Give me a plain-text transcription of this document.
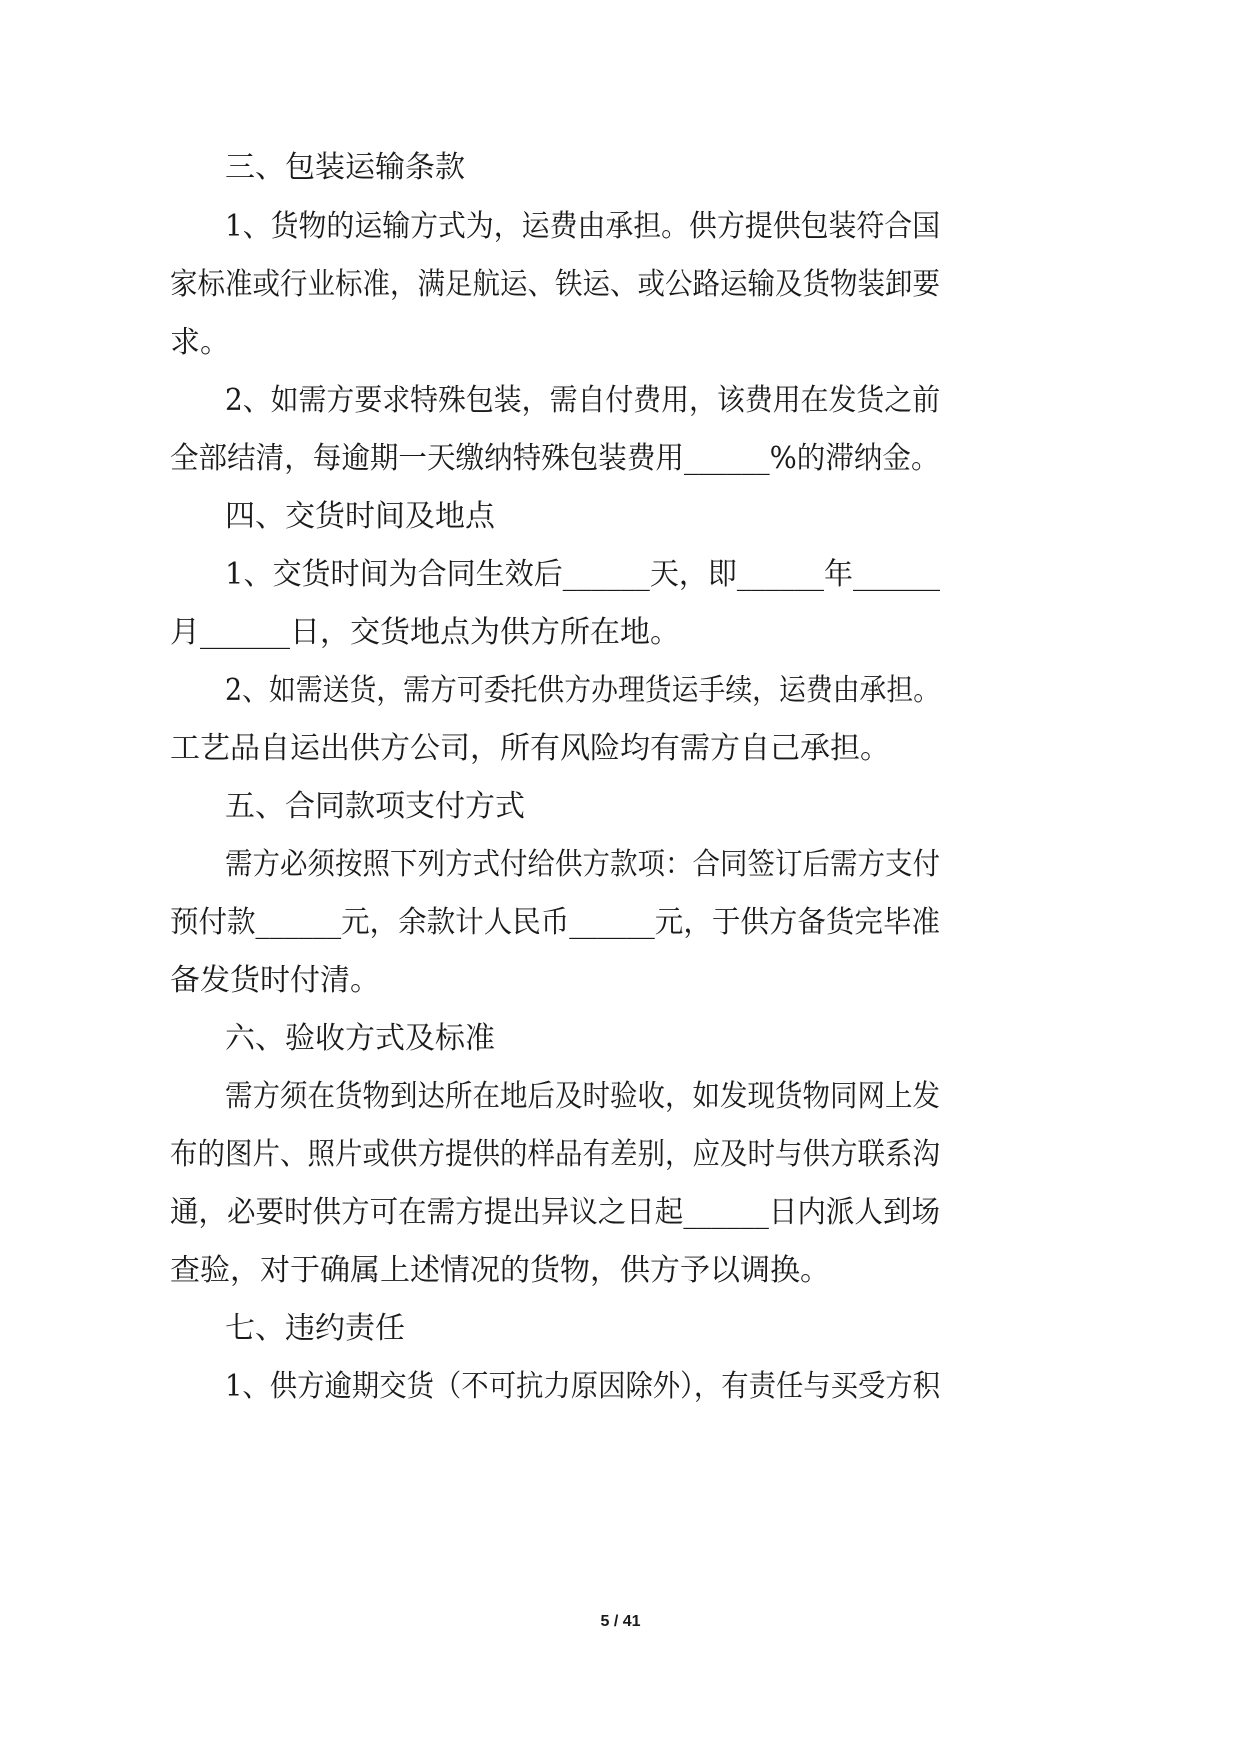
三、包装运输条款

1、货物的运输方式为，运费由承担。供方提供包装符合国

家标准或行业标准，满足航运、铁运、或公路运输及货物装卸要

求。

2、如需方要求特殊包装，需自付费用，该费用在发货之前

全部结清，每逾期一天缴纳特殊包装费用______%的滞纳金。

四、交货时间及地点

1、交货时间为合同生效后______天，即______年______

月______日，交货地点为供方所在地。

2、如需送货，需方可委托供方办理货运手续，运费由承担。

工艺品自运出供方公司，所有风险均有需方自己承担。

五、合同款项支付方式

需方必须按照下列方式付给供方款项：合同签订后需方支付

预付款______元，余款计人民币______元，于供方备货完毕准

备发货时付清。

六、验收方式及标准

需方须在货物到达所在地后及时验收，如发现货物同网上发

布的图片、照片或供方提供的样品有差别，应及时与供方联系沟

通，必要时供方可在需方提出异议之日起______日内派人到场

查验，对于确属上述情况的货物，供方予以调换。

七、违约责任

1、供方逾期交货（不可抗力原因除外），有责任与买受方积

5 / 41
